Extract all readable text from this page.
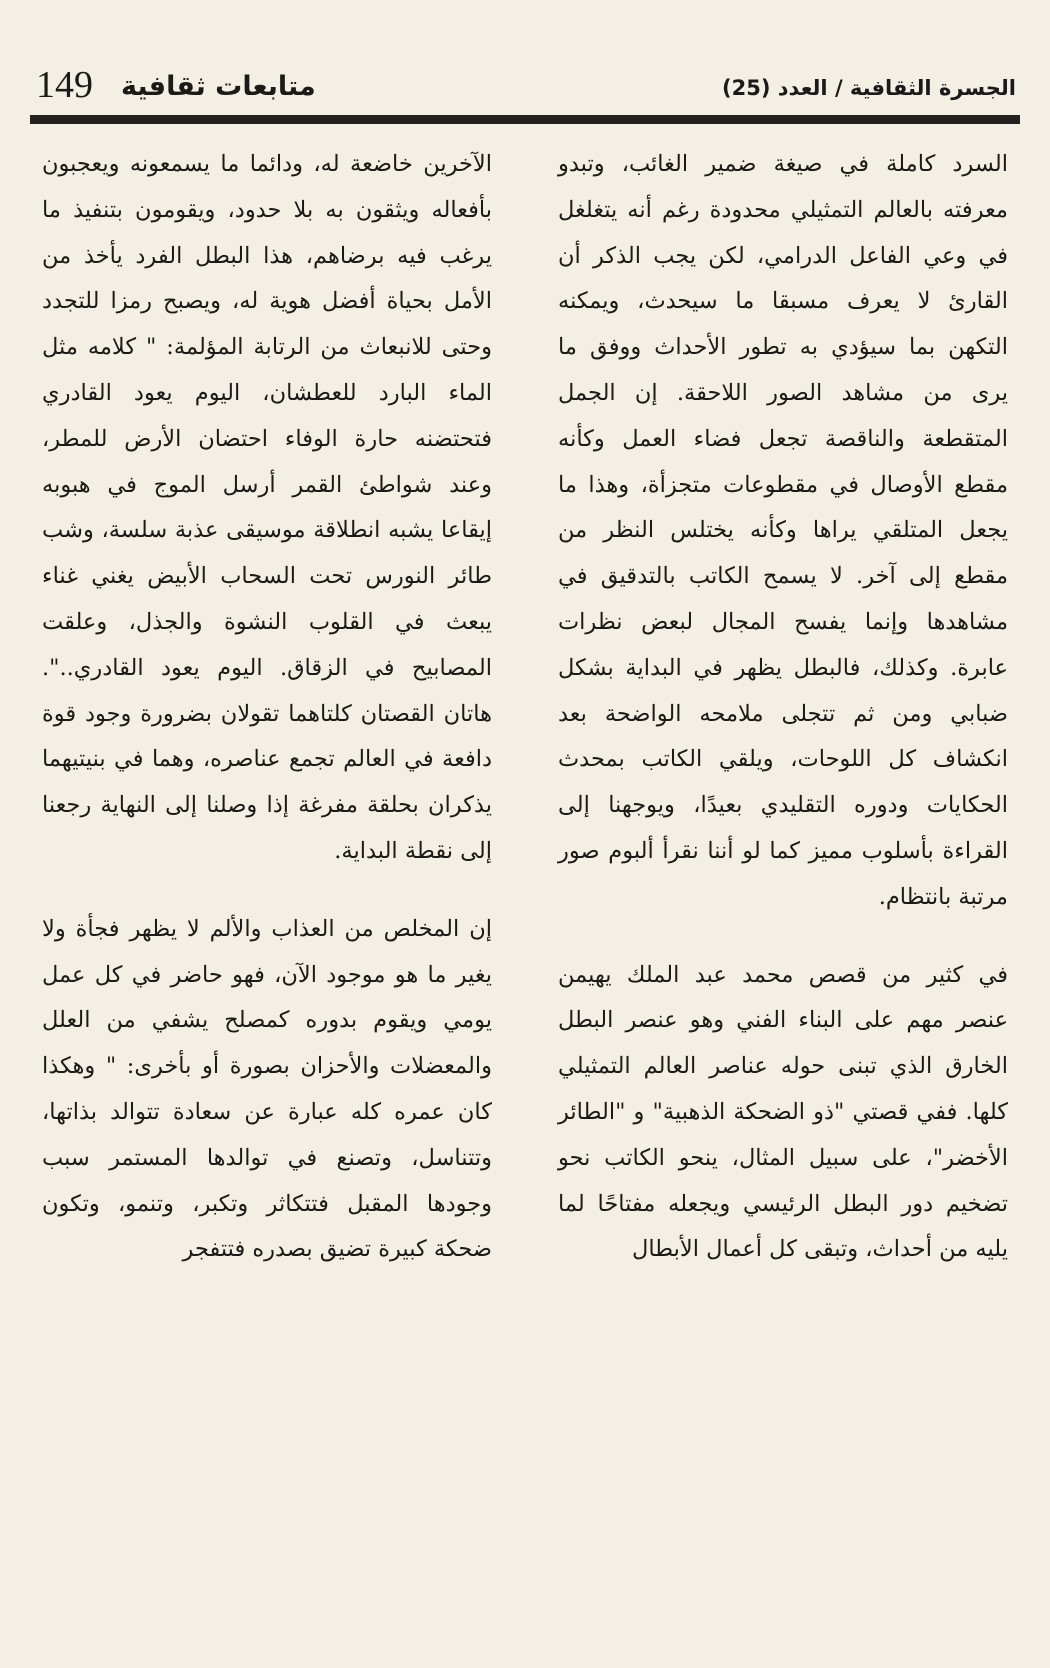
الجسرة الثقافية / العدد (25)
متابعات ثقافية
149

السرد كاملة في صيغة ضمير الغائب، وتبدو معرفته بالعالم التمثيلي محدودة رغم أنه يتغلغل في وعي الفاعل الدرامي، لكن يجب الذكر أن القارئ لا يعرف مسبقا ما سيحدث، ويمكنه التكهن بما سيؤدي به تطور الأحداث ووفق ما يرى من مشاهد الصور اللاحقة. إن الجمل المتقطعة والناقصة تجعل فضاء العمل وكأنه مقطع الأوصال في مقطوعات متجزأة، وهذا ما يجعل المتلقي يراها وكأنه يختلس النظر من مقطع إلى آخر. لا يسمح الكاتب بالتدقيق في مشاهدها وإنما يفسح المجال لبعض نظرات عابرة. وكذلك، فالبطل يظهر في البداية بشكل ضبابي ومن ثم تتجلى ملامحه الواضحة بعد انكشاف كل اللوحات، ويلقي الكاتب بمحدث الحكايات ودوره التقليدي بعيدًا، ويوجهنا إلى القراءة بأسلوب مميز كما لو أننا نقرأ ألبوم صور مرتبة بانتظام.

في كثير من قصص محمد عبد الملك يهيمن عنصر مهم على البناء الفني وهو عنصر البطل الخارق الذي تبنى حوله عناصر العالم التمثيلي كلها. ففي قصتي "ذو الضحكة الذهبية" و "الطائر الأخضر"، على سبيل المثال، ينحو الكاتب نحو تضخيم دور البطل الرئيسي ويجعله مفتاحًا لما يليه من أحداث، وتبقى كل أعمال الأبطال

الآخرين خاضعة له، ودائما ما يسمعونه ويعجبون بأفعاله ويثقون به بلا حدود، ويقومون بتنفيذ ما يرغب فيه برضاهم، هذا البطل الفرد يأخذ من الأمل بحياة أفضل هوية له، ويصبح رمزا للتجدد وحتى للانبعاث من الرتابة المؤلمة: " كلامه مثل الماء البارد للعطشان، اليوم يعود القادري فتحتضنه حارة الوفاء احتضان الأرض للمطر، وعند شواطئ القمر أرسل الموج في هبوبه إيقاعا يشبه انطلاقة موسيقى عذبة سلسة، وشب طائر النورس تحت السحاب الأبيض يغني غناء يبعث في القلوب النشوة والجذل، وعلقت المصابيح في الزقاق. اليوم يعود القادري..". هاتان القصتان كلتاهما تقولان بضرورة وجود قوة دافعة في العالم تجمع عناصره، وهما في بنيتيهما يذكران بحلقة مفرغة إذا وصلنا إلى النهاية رجعنا إلى نقطة البداية.

إن المخلص من العذاب والألم لا يظهر فجأة ولا يغير ما هو موجود الآن، فهو حاضر في كل عمل يومي ويقوم بدوره كمصلح يشفي من العلل والمعضلات والأحزان بصورة أو بأخرى: " وهكذا كان عمره كله عبارة عن سعادة تتوالد بذاتها، وتتناسل، وتصنع في توالدها المستمر سبب وجودها المقبل فتتكاثر وتكبر، وتنمو، وتكون ضحكة كبيرة تضيق بصدره فتتفجر
